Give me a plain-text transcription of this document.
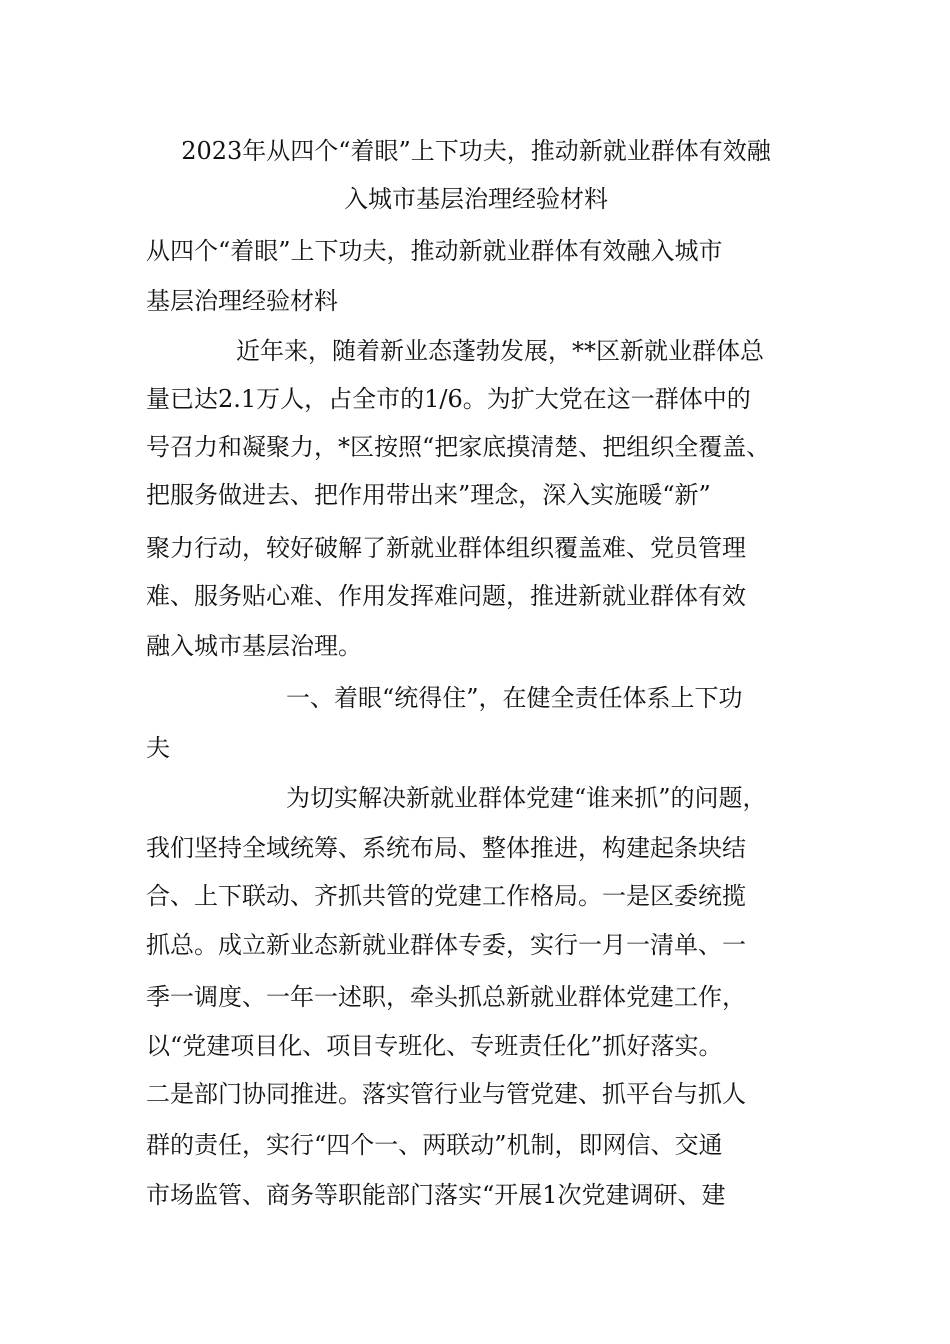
2023年从四个“着眼”上下功夫，推动新就业群体有效融
入城市基层治理经验材料
从四个“着眼”上下功夫，推动新就业群体有效融入城市
基层治理经验材料
近年来，随着新业态蓬勃发展，**区新就业群体总
量已达2.1万人，占全市的1/6。为扩大党在这一群体中的
号召力和凝聚力，*区按照“把家底摸清楚、把组织全覆盖、
把服务做进去、把作用带出来”理念，深入实施暖“新”
聚力行动，较好破解了新就业群体组织覆盖难、党员管理
难、服务贴心难、作用发挥难问题，推进新就业群体有效
融入城市基层治理。
一、着眼“统得住”，在健全责任体系上下功
夫
为切实解决新就业群体党建“谁来抓”的问题，
我们坚持全域统筹、系统布局、整体推进，构建起条块结
合、上下联动、齐抓共管的党建工作格局。一是区委统揽
抓总。成立新业态新就业群体专委，实行一月一清单、一
季一调度、一年一述职，牵头抓总新就业群体党建工作，
以“党建项目化、项目专班化、专班责任化”抓好落实。
二是部门协同推进。落实管行业与管党建、抓平台与抓人
群的责任，实行“四个一、两联动”机制，即网信、交通
市场监管、商务等职能部门落实“开展1次党建调研、建
